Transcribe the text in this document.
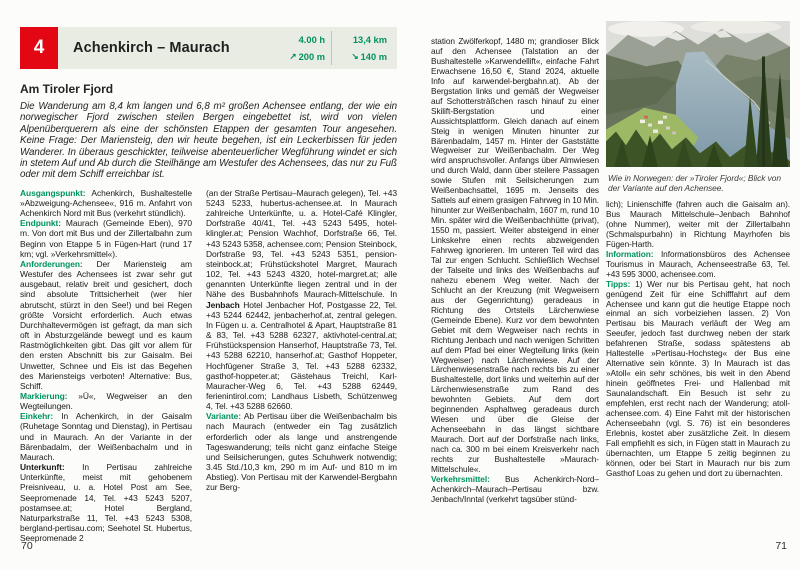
4	Achenkirch – Maurach
4.00 h	13,4 km
↗ 200 m	↘ 140 m
Am Tiroler Fjord
Die Wanderung am 8,4 km langen und 6,8 m² großen Achensee entlang, der wie ein norwegischer Fjord zwischen steilen Bergen eingebettet ist, wird von vielen Alpenüberquerern als eine der schönsten Etappen der gesamten Tour angesehen. Keine Frage: Der Mariensteig, den wir heute begehen, ist ein Leckerbissen für jeden Wanderer. In überaus geschickter, teilweise abenteuerlicher Wegführung windet er sich in stetem Auf und Ab durch die Steilhänge am Westufer des Achensees, das nur zu Fuß oder mit dem Schiff erreichbar ist.

Ausgangspunkt: Achenkirch, Bushaltestelle »Abzweigung-Achensee«, 916 m. Anfahrt von Achenkirch Nord mit Bus (verkehrt stündlich).

Endpunkt: Maurach (Gemeinde Eben), 970 m. Von dort mit Bus und der Zillertalbahn zum Beginn von Etappe 5 in Fügen-Hart (rund 17 km; vgl. »Verkehrsmittel«).

Anforderungen: Der Mariensteig am Westufer des Achensees ist zwar sehr gut ausgebaut, relativ breit und gesichert, doch sind absolute Trittsicherheit (wer hier abrutscht, stürzt in den See!) und bei Regen größte Vorsicht erforderlich. Auch etwas Durchhaltevermögen ist gefragt, da man sich oft in Absturzgelände bewegt und es kaum Rastmöglichkeiten gibt. Das gilt vor allem für den ersten Abschnitt bis zur Gaisalm. Bei Unwetter, Schnee und Eis ist das Begehen des Mariensteigs verboten! Alternative: Bus, Schiff.

Markierung: »Ü«, Wegweiser an den Wegteilungen.

Einkehr: In Achenkirch, in der Gaisalm (Ruhetage Sonntag und Dienstag), in Pertisau und in Maurach. An der Variante in der Bärenbadalm, der Weißenbachalm und in Maurach.

Unterkunft: In Pertisau zahlreiche Unterkünfte, meist mit gehobenem Preisniveau, u. a. Hotel Post am See, Seepromenade 14, Tel. +43 5243 5207, postamsee.at; Hotel Bergland, Naturparkstraße 11, Tel. +43 5243 5308, bergland-pertisau.com; Seehotel St. Hubertus, Seepromenade 2

(an der Straße Pertisau–Maurach gelegen), Tel. +43 5243 5233, hubertus-achensee.at. In Maurach zahlreiche Unterkünfte, u. a. Hotel-Café Klingler, Dorfstraße 40/41, Tel. +43 5243 5495, hotel-klingler.at; Pension Wachhof, Dorfstraße 66, Tel. +43 5243 5358, achensee.com; Pension Steinbock, Dorfstraße 93, Tel. +43 5243 5351, pension-steinbock.at; Frühstückshotel Margret, Maurach 102, Tel. +43 5243 4320, hotel-margret.at; alle genannten Unterkünfte liegen zentral und in der Nähe des Busbahnhofs Maurach-Mittelschule. In Jenbach Hotel Jenbacher Hof, Postgasse 22, Tel. +43 5244 62442, jenbacherhof.at, zentral gelegen. In Fügen u. a. Centralhotel & Apart, Hauptstraße 81 & 83, Tel. +43 5288 62327, aktivhotel-central.at; Frühstückspension Hanserhof, Hauptstraße 73, Tel. +43 5288 62210, hanserhof.at; Gasthof Hoppeter, Hochfügener Straße 3, Tel. +43 5288 62332, gasthof-hoppeter.at; Gästehaus Treichl, Karl-Mauracher-Weg 6, Tel. +43 5288 62449, ferienintirol.com; Landhaus Lisbeth, Schützenweg 4, Tel. +43 5288 62660.

Variante: Ab Pertisau über die Weißenbachalm bis nach Maurach (entweder ein Tag zusätzlich erforderlich oder als lange und anstrengende Tageswanderung; teils nicht ganz einfache Steige und Seilsicherungen, gutes Schuhwerk notwendig; 3.45 Std./10,3 km, 290 m im Auf- und 810 m im Abstieg). Von Pertisau mit der Karwendel-Bergbahn zur Berg-

station Zwölferkopf, 1480 m; grandioser Blick auf den Achensee (Talstation an der Bushaltestelle »Karwendellift«, einfache Fahrt Erwachsene 16,50 €, Stand 2024, aktuelle Info auf karwendel-bergbahn.at). Ab der Bergstation links und gemäß der Wegweiser auf Schottersträßchen rasch hinauf zu einer Skilift-Bergstation und einer Aussichtsplattform. Gleich danach auf einem Steig in wenigen Minuten hinunter zur Bärenbadalm, 1457 m. Hinter der Gaststätte Wegweiser zur Weißenbachalm. Der Weg wird anspruchsvoller. Anfangs über Almwiesen und durch Wald, dann über steilere Passagen sowie Stufen mit Seilsicherungen zum Weißenbachsattel, 1695 m. Jenseits des Sattels auf einem grasigen Fahrweg in 10 Min. hinunter zur Weißenbachalm, 1607 m, rund 10 Min. später wird die Weißenbachhütte (privat), 1550 m, passiert. Weiter absteigend in einer Linkskehre einen rechts abzweigenden Fahrweg ignorieren. Im unteren Teil wird das Tal zur engen Schlucht. Schließlich Wechsel der Talseite und links des Weißenbachs auf nahezu ebenem Weg weiter. Nach der Schlucht an der Kreuzung (mit Wegweisern aus der Gegenrichtung) geradeaus in Richtung des Ortsteils Lärchenwiese (Gemeinde Ebene). Kurz vor dem bewohnten Gebiet mit dem Wegweiser nach rechts in Richtung Jenbach und nach wenigen Schritten auf dem Pfad bei einer Wegteilung links (kein Wegweiser) nach Lärchenwiese. Auf der Lärchenwiesenstraße nach rechts bis zu einer Bushaltestelle, dort links und weiterhin auf der Lärchenwiesenstraße zum Rand des bewohnten Gebiets. Auf dem dort beginnenden Asphaltweg geradeaus durch Wiesen und über die Gleise der Achenseebahn in das längst sichtbare Maurach. Dort auf der Dorfstraße nach links, nach ca. 300 m bei einem Kreisverkehr nach rechts zur Bushaltestelle »Maurach-Mittelschule«.

Verkehrsmittel: Bus Achenkirch-Nord–Achenkirch–Maurach–Pertisau bzw. Jenbach/Inntal (verkehrt tagsüber stünd-

Wie in Norwegen: der »Tiroler Fjord«; Blick von der Variante auf den Achensee.

lich); Linienschiffe (fahren auch die Gaisalm an). Bus Maurach Mittelschule–Jenbach Bahnhof (ohne Nummer), weiter mit der Zillertalbahn (Schmalspurbahn) in Richtung Mayrhofen bis Fügen-Harth.

Information: Informationsbüros des Achensee Tourismus in Maurach, Achenseestraße 63, Tel. +43 595 3000, achensee.com.

Tipps: 1) Wer nur bis Pertisau geht, hat noch genügend Zeit für eine Schifffahrt auf dem Achensee und kann gut die heutige Etappe noch einmal an sich vorbeiziehen lassen. 2) Von Pertisau bis Maurach verläuft der Weg am Seeufer, jedoch fast durchweg neben der stark befahrenen Straße, sodass spätestens ab Haltestelle »Pertisau-Hochsteg« der Bus eine Alternative sein könnte. 3) In Maurach ist das »Atoll« ein sehr schönes, bis weit in den Abend hinein geöffnetes Frei- und Hallenbad mit Saunalandschaft. Ein Besuch ist sehr zu empfehlen, erst recht nach der Wanderung; atoll-achensee.com. 4) Eine Fahrt mit der historischen Achenseebahn (vgl. S. 76) ist ein besonderes Erlebnis, kostet aber zusätzliche Zeit. In diesem Fall empfiehlt es sich, in Fügen statt in Maurach zu übernachten, um Etappe 5 zeitig beginnen zu können, oder bei Start in Maurach nur bis zum Gasthof Loas zu gehen und dort zu übernachten.

70	71
